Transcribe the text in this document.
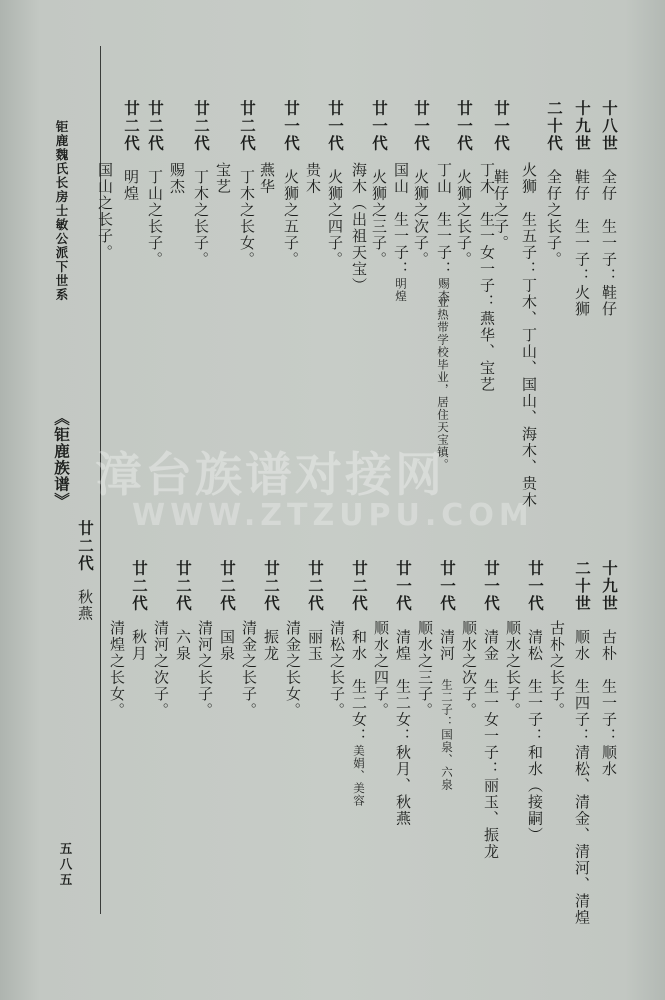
钜鹿魏氏长房士敏公派下世系
《钜鹿族谱》
五八五
漳台族谱对接网
WWW.ZTZUPU.COM
十八世　全仔　生一子：鞋仔
十九世　鞋仔　生一子：火狮
二十代　全仔之长子。
火狮　生五子：丁木、丁山、国山、海木、贵木
廿一代　鞋仔之子。
丁木　生一女一子：燕华、宝艺
廿一代　火狮之长子。
丁山　生一子：赐杰
亚热带学校毕业，居住天宝镇。
廿一代　火狮之次子。
国山　生一子：明煌
廿一代　火狮之三子。
海木（出祖天宝）
廿一代　火狮之四子。
贵木
廿一代　火狮之五子。
燕华
廿二代　丁木之长女。
宝艺
廿二代　丁木之长子。
赐杰
廿二代　丁山之长子。
廿二代　明煌
国山之长子。
十九世　古朴　生一子：顺水
二十世　顺水　生四子：清松、清金、清河、清煌
古朴之长子。
廿一代　清松　生一子：和水（接嗣）
顺水之长子。
廿一代　清金　生一女一子：丽玉、振龙
顺水之次子。
廿一代　清河　生二子：国泉、六泉
顺水之三子。
廿一代　清煌　生二女：秋月、秋燕
顺水之四子。
廿二代　和水　生二女：美娟、美容
清松之长子。
廿二代　丽玉
清金之长女。
廿二代　振龙
清金之长子。
廿二代　国泉
清河之长子。
廿二代　六泉
清河之次子。
廿二代　秋月
清煌之长女。
廿二代　秋燕
